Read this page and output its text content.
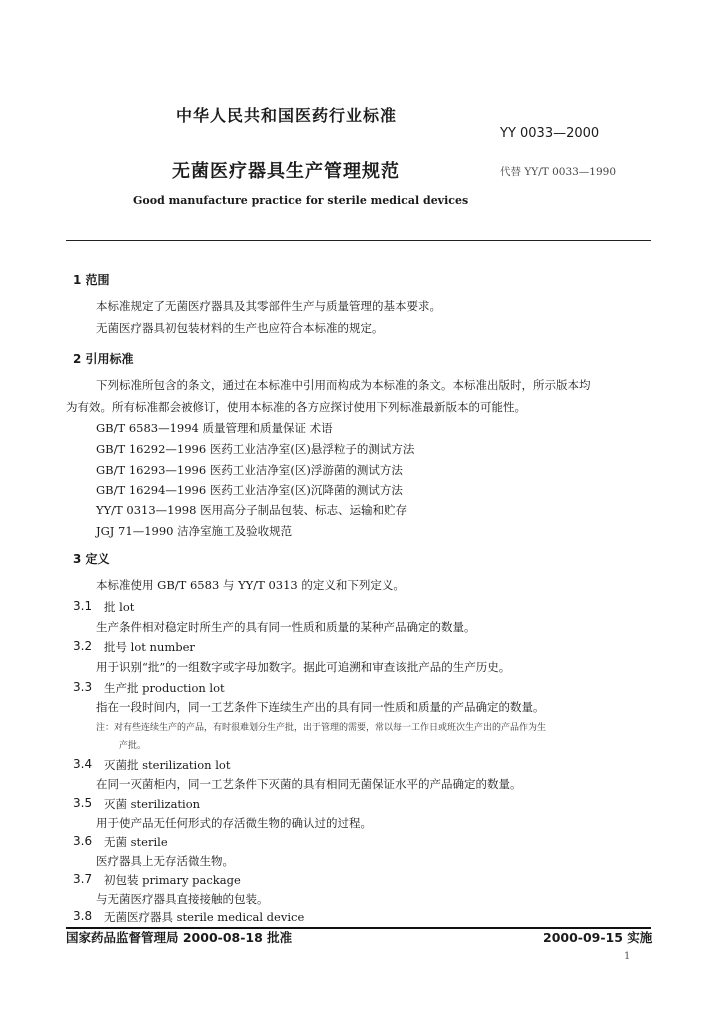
中华人民共和国医药行业标准
YY 0033—2000
无菌医疗器具生产管理规范	代替 YY/T 0033—1990
Good manufacture practice for sterile medical devices
1 范围
本标准规定了无菌医疗器具及其零部件生产与质量管理的基本要求。
无菌医疗器具初包装材料的生产也应符合本标准的规定。
2 引用标准
下列标准所包含的条文，通过在本标准中引用而构成为本标准的条文。本标准出版时，所示版本均
为有效。所有标准都会被修订，使用本标准的各方应探讨使用下列标准最新版本的可能性。
GB/T 6583—1994 质量管理和质量保证 术语
GB/T 16292—1996 医药工业洁净室(区)悬浮粒子的测试方法
GB/T 16293—1996 医药工业洁净室(区)浮游菌的测试方法
GB/T 16294—1996 医药工业洁净室(区)沉降菌的测试方法
YY/T 0313—1998 医用高分子制品包装、标志、运输和贮存
JGJ 71—1990 洁净室施工及验收规范
3 定义
本标准使用 GB/T 6583 与 YY/T 0313 的定义和下列定义。
3.1 批 lot
生产条件相对稳定时所生产的具有同一性质和质量的某种产品确定的数量。
3.2 批号 lot number
用于识别“批”的一组数字或字母加数字。据此可追溯和审查该批产品的生产历史。
3.3 生产批 production lot
指在一段时间内，同一工艺条件下连续生产出的具有同一性质和质量的产品确定的数量。
注：对有些连续生产的产品，有时很难划分生产批，出于管理的需要，常以每一工作日或班次生产出的产品作为生
产批。
3.4 灭菌批 sterilization lot
在同一灭菌柜内，同一工艺条件下灭菌的具有相同无菌保证水平的产品确定的数量。
3.5 灭菌 sterilization
用于使产品无任何形式的存活微生物的确认过的过程。
3.6 无菌 sterile
医疗器具上无存活微生物。
3.7 初包装 primary package
与无菌医疗器具直接接触的包装。
3.8 无菌医疗器具 sterile medical device
国家药品监督管理局 2000-08-18 批准	2000-09-15 实施
1
